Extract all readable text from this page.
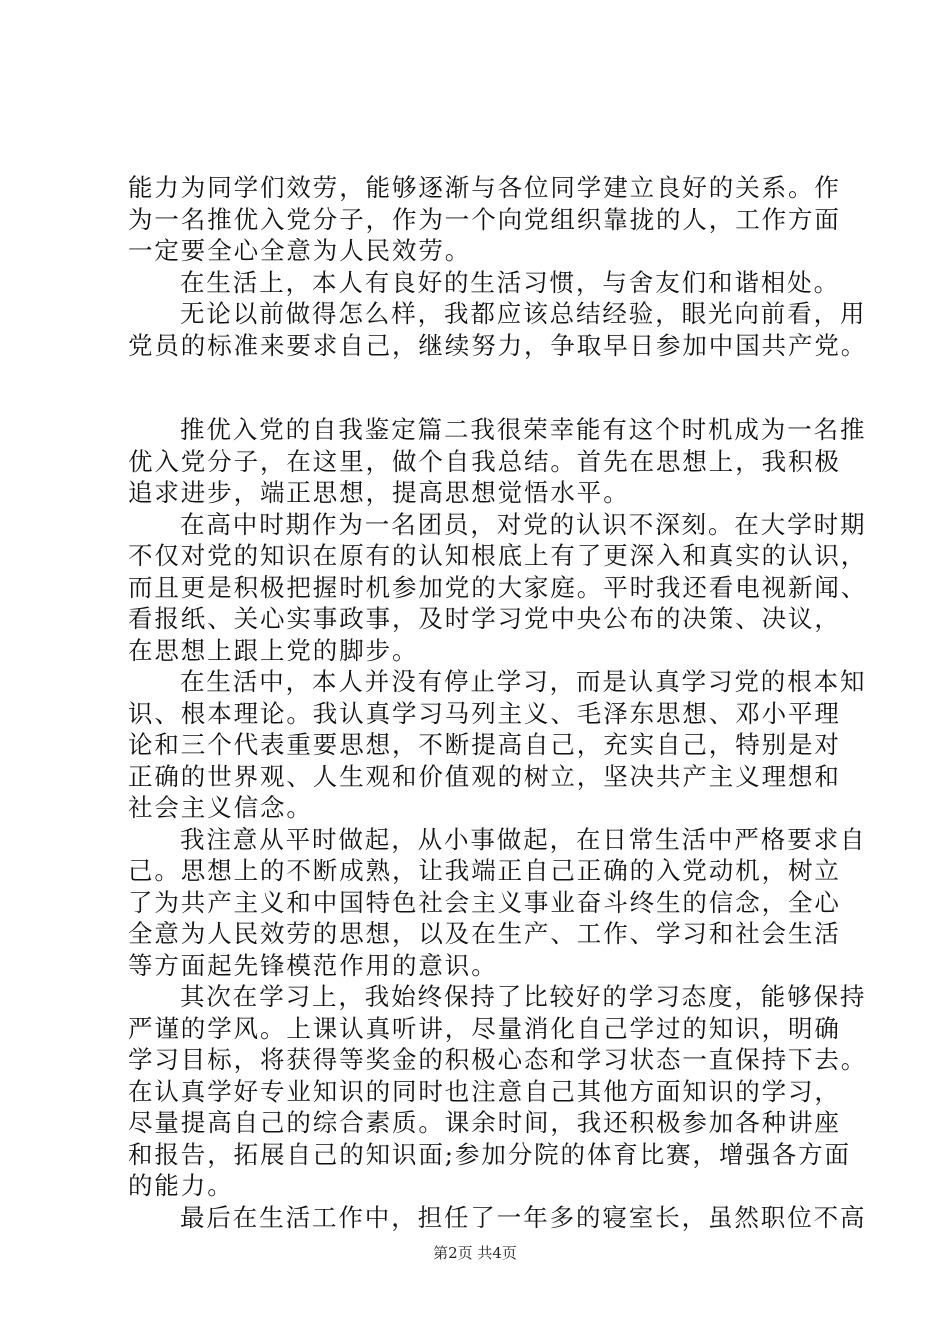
能力为同学们效劳，能够逐渐与各位同学建立良好的关系。作
为一名推优入党分子，作为一个向党组织靠拢的人，工作方面
一定要全心全意为人民效劳。
在生活上，本人有良好的生活习惯，与舍友们和谐相处。
无论以前做得怎么样，我都应该总结经验，眼光向前看，用
党员的标准来要求自己，继续努力，争取早日参加中国共产党。
推优入党的自我鉴定篇二我很荣幸能有这个时机成为一名推
优入党分子，在这里，做个自我总结。首先在思想上，我积极
追求进步，端正思想，提高思想觉悟水平。
在高中时期作为一名团员，对党的认识不深刻。在大学时期
不仅对党的知识在原有的认知根底上有了更深入和真实的认识，
而且更是积极把握时机参加党的大家庭。平时我还看电视新闻、
看报纸、关心实事政事，及时学习党中央公布的决策、决议，
在思想上跟上党的脚步。
在生活中，本人并没有停止学习，而是认真学习党的根本知
识、根本理论。我认真学习马列主义、毛泽东思想、邓小平理
论和三个代表重要思想，不断提高自己，充实自己，特别是对
正确的世界观、人生观和价值观的树立，坚决共产主义理想和
社会主义信念。
我注意从平时做起，从小事做起，在日常生活中严格要求自
己。思想上的不断成熟，让我端正自己正确的入党动机，树立
了为共产主义和中国特色社会主义事业奋斗终生的信念，全心
全意为人民效劳的思想，以及在生产、工作、学习和社会生活
等方面起先锋模范作用的意识。
其次在学习上，我始终保持了比较好的学习态度，能够保持
严谨的学风。上课认真听讲，尽量消化自己学过的知识，明确
学习目标，将获得等奖金的积极心态和学习状态一直保持下去。
在认真学好专业知识的同时也注意自己其他方面知识的学习，
尽量提高自己的综合素质。课余时间，我还积极参加各种讲座
和报告，拓展自己的知识面;参加分院的体育比赛，增强各方面
的能力。
最后在生活工作中，担任了一年多的寝室长，虽然职位不高
第2页 共4页
